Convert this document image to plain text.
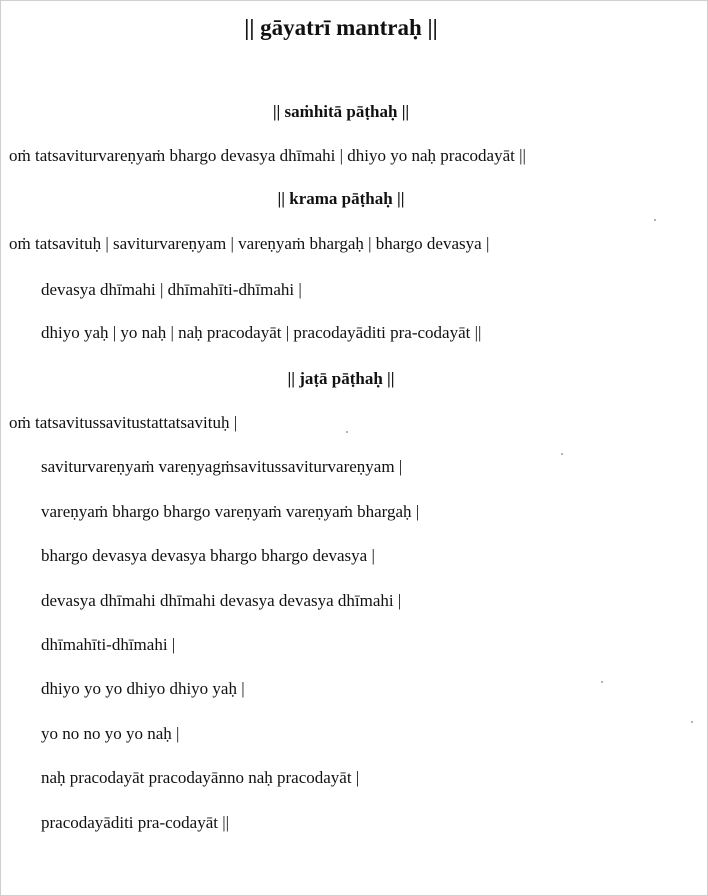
|| gāyatrī mantraḥ ||
|| saṁhitā pāṭhaḥ ||
oṁ tatsaviturvareṇyaṁ bhargo devasya dhīmahi | dhiyo yo naḥ pracodayāt ||
|| krama pāṭhaḥ ||
oṁ tatsavituḥ | saviturvareṇyam | vareṇyaṁ bhargaḥ | bhargo devasya |
devasya dhīmahi | dhīmahīti-dhīmahi |
dhiyo yaḥ | yo naḥ | naḥ pracodayāt | pracodayāditi pra-codayāt ||
|| jaṭā pāṭhaḥ ||
oṁ tatsavitussavitustattatsavituḥ |
saviturvareṇyaṁ vareṇyagṁsavitussaviturvareṇyam |
vareṇyaṁ bhargo bhargo vareṇyaṁ vareṇyaṁ bhargaḥ |
bhargo devasya devasya bhargo bhargo devasya |
devasya dhīmahi dhīmahi devasya devasya dhīmahi |
dhīmahīti-dhīmahi |
dhiyo yo yo dhiyo dhiyo yaḥ |
yo no no yo yo naḥ |
naḥ pracodayāt pracodayānno naḥ pracodayāt |
pracodayāditi pra-codayāt ||
